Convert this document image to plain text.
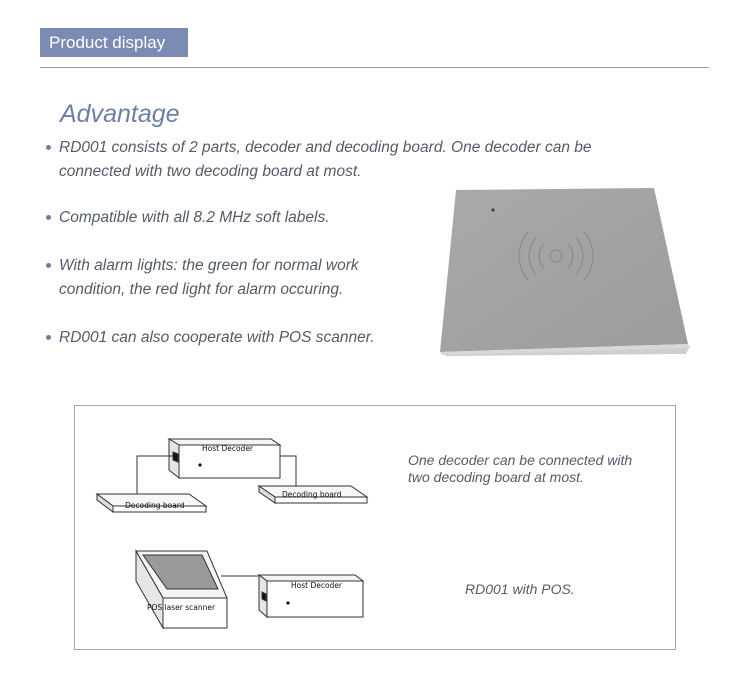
Product display
Advantage
RD001 consists of 2 parts, decoder and decoding board. One decoder can be
connected with two decoding board at most.
Compatible with all 8.2 MHz soft labels.
With alarm lights: the green for normal work
condition, the red light for alarm occuring.
RD001 can also cooperate with POS scanner.
Host Decoder
Decoding board
Decoding board
POS laser scanner
Host Decoder
One decoder can be connected with
two decoding board at most.
RD001 with POS.
